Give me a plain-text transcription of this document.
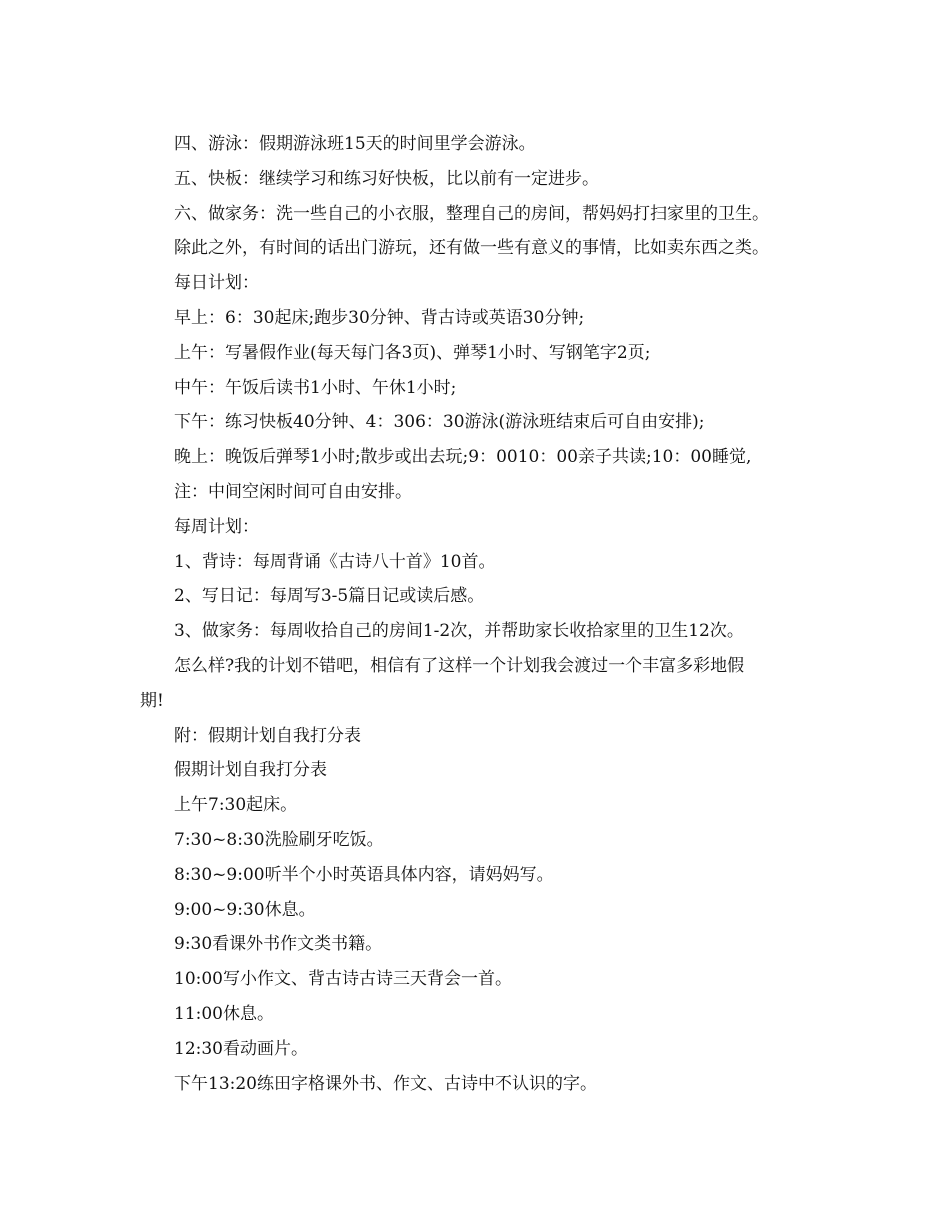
四、游泳：假期游泳班15天的时间里学会游泳。
五、快板：继续学习和练习好快板，比以前有一定进步。
六、做家务：洗一些自己的小衣服，整理自己的房间，帮妈妈打扫家里的卫生。
除此之外，有时间的话出门游玩，还有做一些有意义的事情，比如卖东西之类。
每日计划：
早上：6：30起床;跑步30分钟、背古诗或英语30分钟;
上午：写暑假作业(每天每门各3页)、弹琴1小时、写钢笔字2页;
中午：午饭后读书1小时、午休1小时;
下午：练习快板40分钟、4：306：30游泳(游泳班结束后可自由安排);
晚上：晚饭后弹琴1小时;散步或出去玩;9：0010：00亲子共读;10：00睡觉,
注：中间空闲时间可自由安排。
每周计划：
1、背诗：每周背诵《古诗八十首》10首。
2、写日记：每周写3-5篇日记或读后感。
3、做家务：每周收拾自己的房间1-2次，并帮助家长收拾家里的卫生12次。
怎么样?我的计划不错吧，相信有了这样一个计划我会渡过一个丰富多彩地假
期!
附：假期计划自我打分表
假期计划自我打分表
上午7:30起床。
7:30~8:30洗脸刷牙吃饭。
8:30~9:00听半个小时英语具体内容，请妈妈写。
9:00~9:30休息。
9:30看课外书作文类书籍。
10:00写小作文、背古诗古诗三天背会一首。
11:00休息。
12:30看动画片。
下午13:20练田字格课外书、作文、古诗中不认识的字。
